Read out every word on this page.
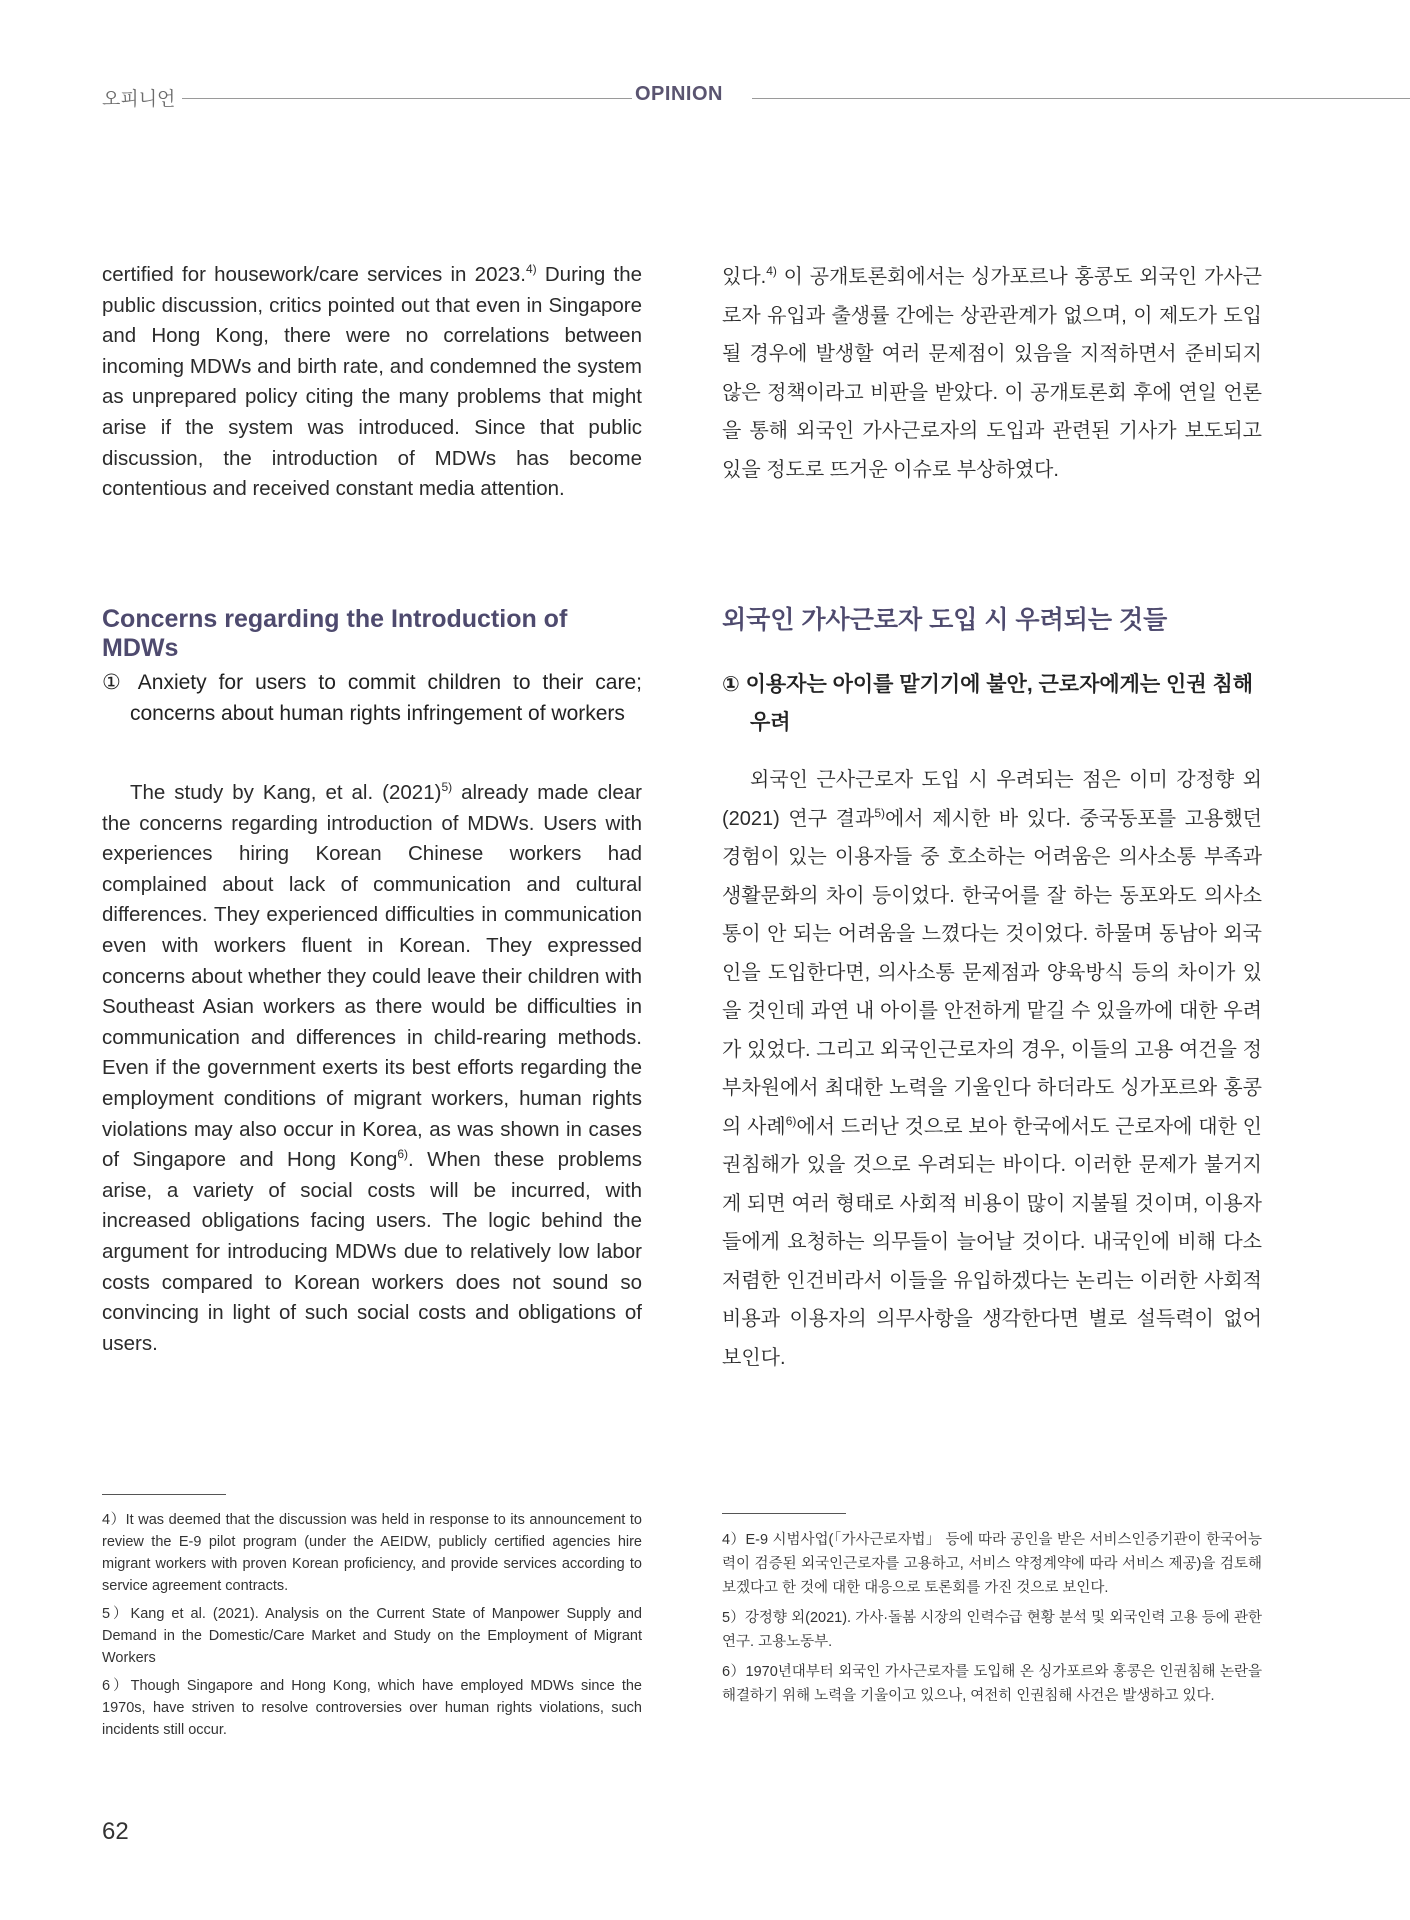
오피니언	OPINION

certified for housework/care services in 2023.$^{4)}$ During the public discussion, critics pointed out that even in Singapore and Hong Kong, there were no correlations between incoming MDWs and birth rate, and condemned the system as unprepared policy citing the many problems that might arise if the system was introduced. Since that public discussion, the introduction of MDWs has become contentious and received constant media attention.

Concerns regarding the Introduction of MDWs

① Anxiety for users to commit children to their care; concerns about human rights infringement of workers

The study by Kang, et al. $(2021)^{5)}$ already made clear the concerns regarding introduction of MDWs. Users with experiences hiring Korean Chinese workers had complained about lack of communication and cultural differences. They experienced difficulties in communication even with workers fluent in Korean. They expressed concerns about whether they could leave their children with Southeast Asian workers as there would be difficulties in communication and differences in child-rearing methods. Even if the government exerts its best efforts regarding the employment conditions of migrant workers, human rights violations may also occur in Korea, as was shown in cases of Singapore and Hong Kong$^{6)}$. When these problems arise, a variety of social costs will be incurred, with increased obligations facing users. The logic behind the argument for introducing MDWs due to relatively low labor costs compared to Korean workers does not sound so convincing in light of such social costs and obligations of users.

4）It was deemed that the discussion was held in response to its announcement to review the E-9 pilot program (under the AEIDW, publicly certified agencies hire migrant workers with proven Korean proficiency, and provide services according to service agreement contracts.

5）Kang et al. (2021). Analysis on the Current State of Manpower Supply and Demand in the Domestic/Care Market and Study on the Employment of Migrant Workers

6）Though Singapore and Hong Kong, which have employed MDWs since the 1970s, have striven to resolve controversies over human rights violations, such incidents still occur.

있다.$^{4)}$ 이 공개토론회에서는 싱가포르나 홍콩도 외국인 가사근로자 유입과 출생률 간에는 상관관계가 없으며, 이 제도가 도입될 경우에 발생할 여러 문제점이 있음을 지적하면서 준비되지 않은 정책이라고 비판을 받았다. 이 공개토론회 후에 연일 언론을 통해 외국인 가사근로자의 도입과 관련된 기사가 보도되고 있을 정도로 뜨거운 이슈로 부상하였다.

외국인 가사근로자 도입 시 우려되는 것들

① 이용자는 아이를 맡기기에 불안, 근로자에게는 인권 침해 우려

외국인 근사근로자 도입 시 우려되는 점은 이미 강정향 외(2021) 연구 결과$^{5)}$에서 제시한 바 있다. 중국동포를 고용했던 경험이 있는 이용자들 중 호소하는 어려움은 의사소통 부족과 생활문화의 차이 등이었다. 한국어를 잘 하는 동포와도 의사소통이 안 되는 어려움을 느꼈다는 것이었다. 하물며 동남아 외국인을 도입한다면, 의사소통 문제점과 양육방식 등의 차이가 있을 것인데 과연 내 아이를 안전하게 맡길 수 있을까에 대한 우려가 있었다. 그리고 외국인근로자의 경우, 이들의 고용 여건을 정부차원에서 최대한 노력을 기울인다 하더라도 싱가포르와 홍콩의 사례$^{6)}$에서 드러난 것으로 보아 한국에서도 근로자에 대한 인권침해가 있을 것으로 우려되는 바이다. 이러한 문제가 불거지게 되면 여러 형태로 사회적 비용이 많이 지불될 것이며, 이용자들에게 요청하는 의무들이 늘어날 것이다. 내국인에 비해 다소 저렴한 인건비라서 이들을 유입하겠다는 논리는 이러한 사회적 비용과 이용자의 의무사항을 생각한다면 별로 설득력이 없어 보인다.

4）E-9 시범사업(「가사근로자법」 등에 따라 공인을 받은 서비스인증기관이 한국어능력이 검증된 외국인근로자를 고용하고, 서비스 약정계약에 따라 서비스 제공)을 검토해 보겠다고 한 것에 대한 대응으로 토론회를 가진 것으로 보인다.

5）강정향 외(2021). 가사·돌봄 시장의 인력수급 현황 분석 및 외국인력 고용 등에 관한 연구. 고용노동부.

6）1970년대부터 외국인 가사근로자를 도입해 온 싱가포르와 홍콩은 인권침해 논란을 해결하기 위해 노력을 기울이고 있으나, 여전히 인권침해 사건은 발생하고 있다.

62
